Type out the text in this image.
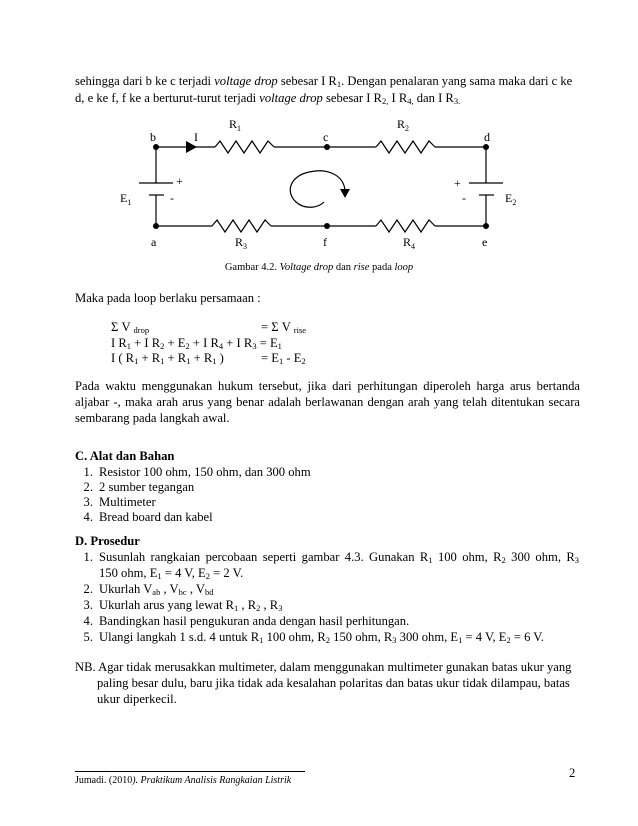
sehingga dari b ke c terjadi voltage drop sebesar I $R_1$. Dengan penalaran yang sama maka dari c ke
d, e ke f, f ke a berturut-turut terjadi voltage drop sebesar I $R_{2,}$ I $R_{4,}$ dan I $R_{3.}$
$R_1$	$R_2$
b	I	c	d
+
-
$E_1$
+
-	$E_2$
a	$R_3$	f	$R_4$	e
Gambar 4.2. Voltage drop dan rise pada loop
Maka pada loop berlaku persamaan :
Σ V $_{drop}$	= Σ V $_{rise}$
I $R_1 + I$ $R_2 + E_2 + I$ $R_4 + I$ $R_3 = E_1$
I ( $R_1 + R_1 + R_1 + R_1$ )	= $E_1 - E_2$
Pada waktu menggunakan hukum tersebut, jika dari perhitungan diperoleh harga arus bertanda aljabar -, maka arah arus yang benar adalah berlawanan dengan arah yang telah ditentukan secara sembarang pada langkah awal.
C. Alat dan Bahan
1. Resistor 100 ohm, 150 ohm, dan 300 ohm
2. 2 sumber tegangan
3. Multimeter
4. Bread board dan kabel
D. Prosedur
1. Susunlah rangkaian percobaan seperti gambar 4.3. Gunakan $R_1$ 100 ohm, $R_2$ 300 ohm, $R_3$
150 ohm, $E_1 = 4$ V, $E_2 = 2$ V.
2. Ukurlah $V_{ab}$ , $V_{bc}$ , $V_{bd}$
3. Ukurlah arus yang lewat $R_1$ , $R_2$ , $R_3$
4. Bandingkan hasil pengukuran anda dengan hasil perhitungan.
5. Ulangi langkah 1 s.d. 4 untuk $R_1$ 100 ohm, $R_2$ 150 ohm, $R_3$ 300 ohm, $E_1 = 4$ V, $E_2 = 6$ V.
NB. Agar tidak merusakkan multimeter, dalam menggunakan multimeter gunakan batas ukur yang
paling besar dulu, baru jika tidak ada kesalahan polaritas dan batas ukur tidak dilampau, batas
ukur diperkecil.
2
Jumadi. (2010). Praktikum Analisis Rangkaian Listrik
